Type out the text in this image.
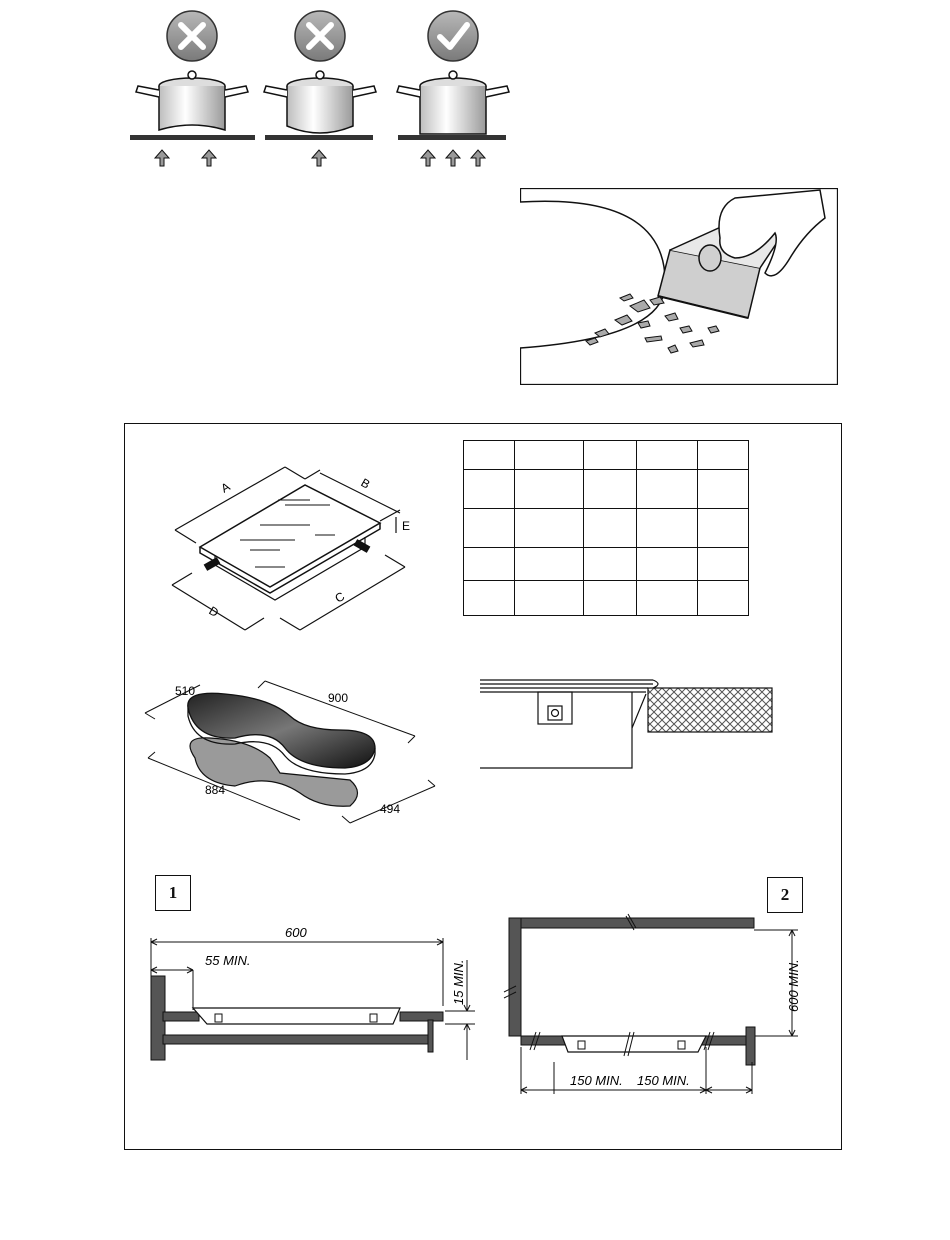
A	B
E
D
C
510	900
884
494
1
600
55 MIN.	15 MIN.
2
600 MIN.
150 MIN. 150 MIN.
